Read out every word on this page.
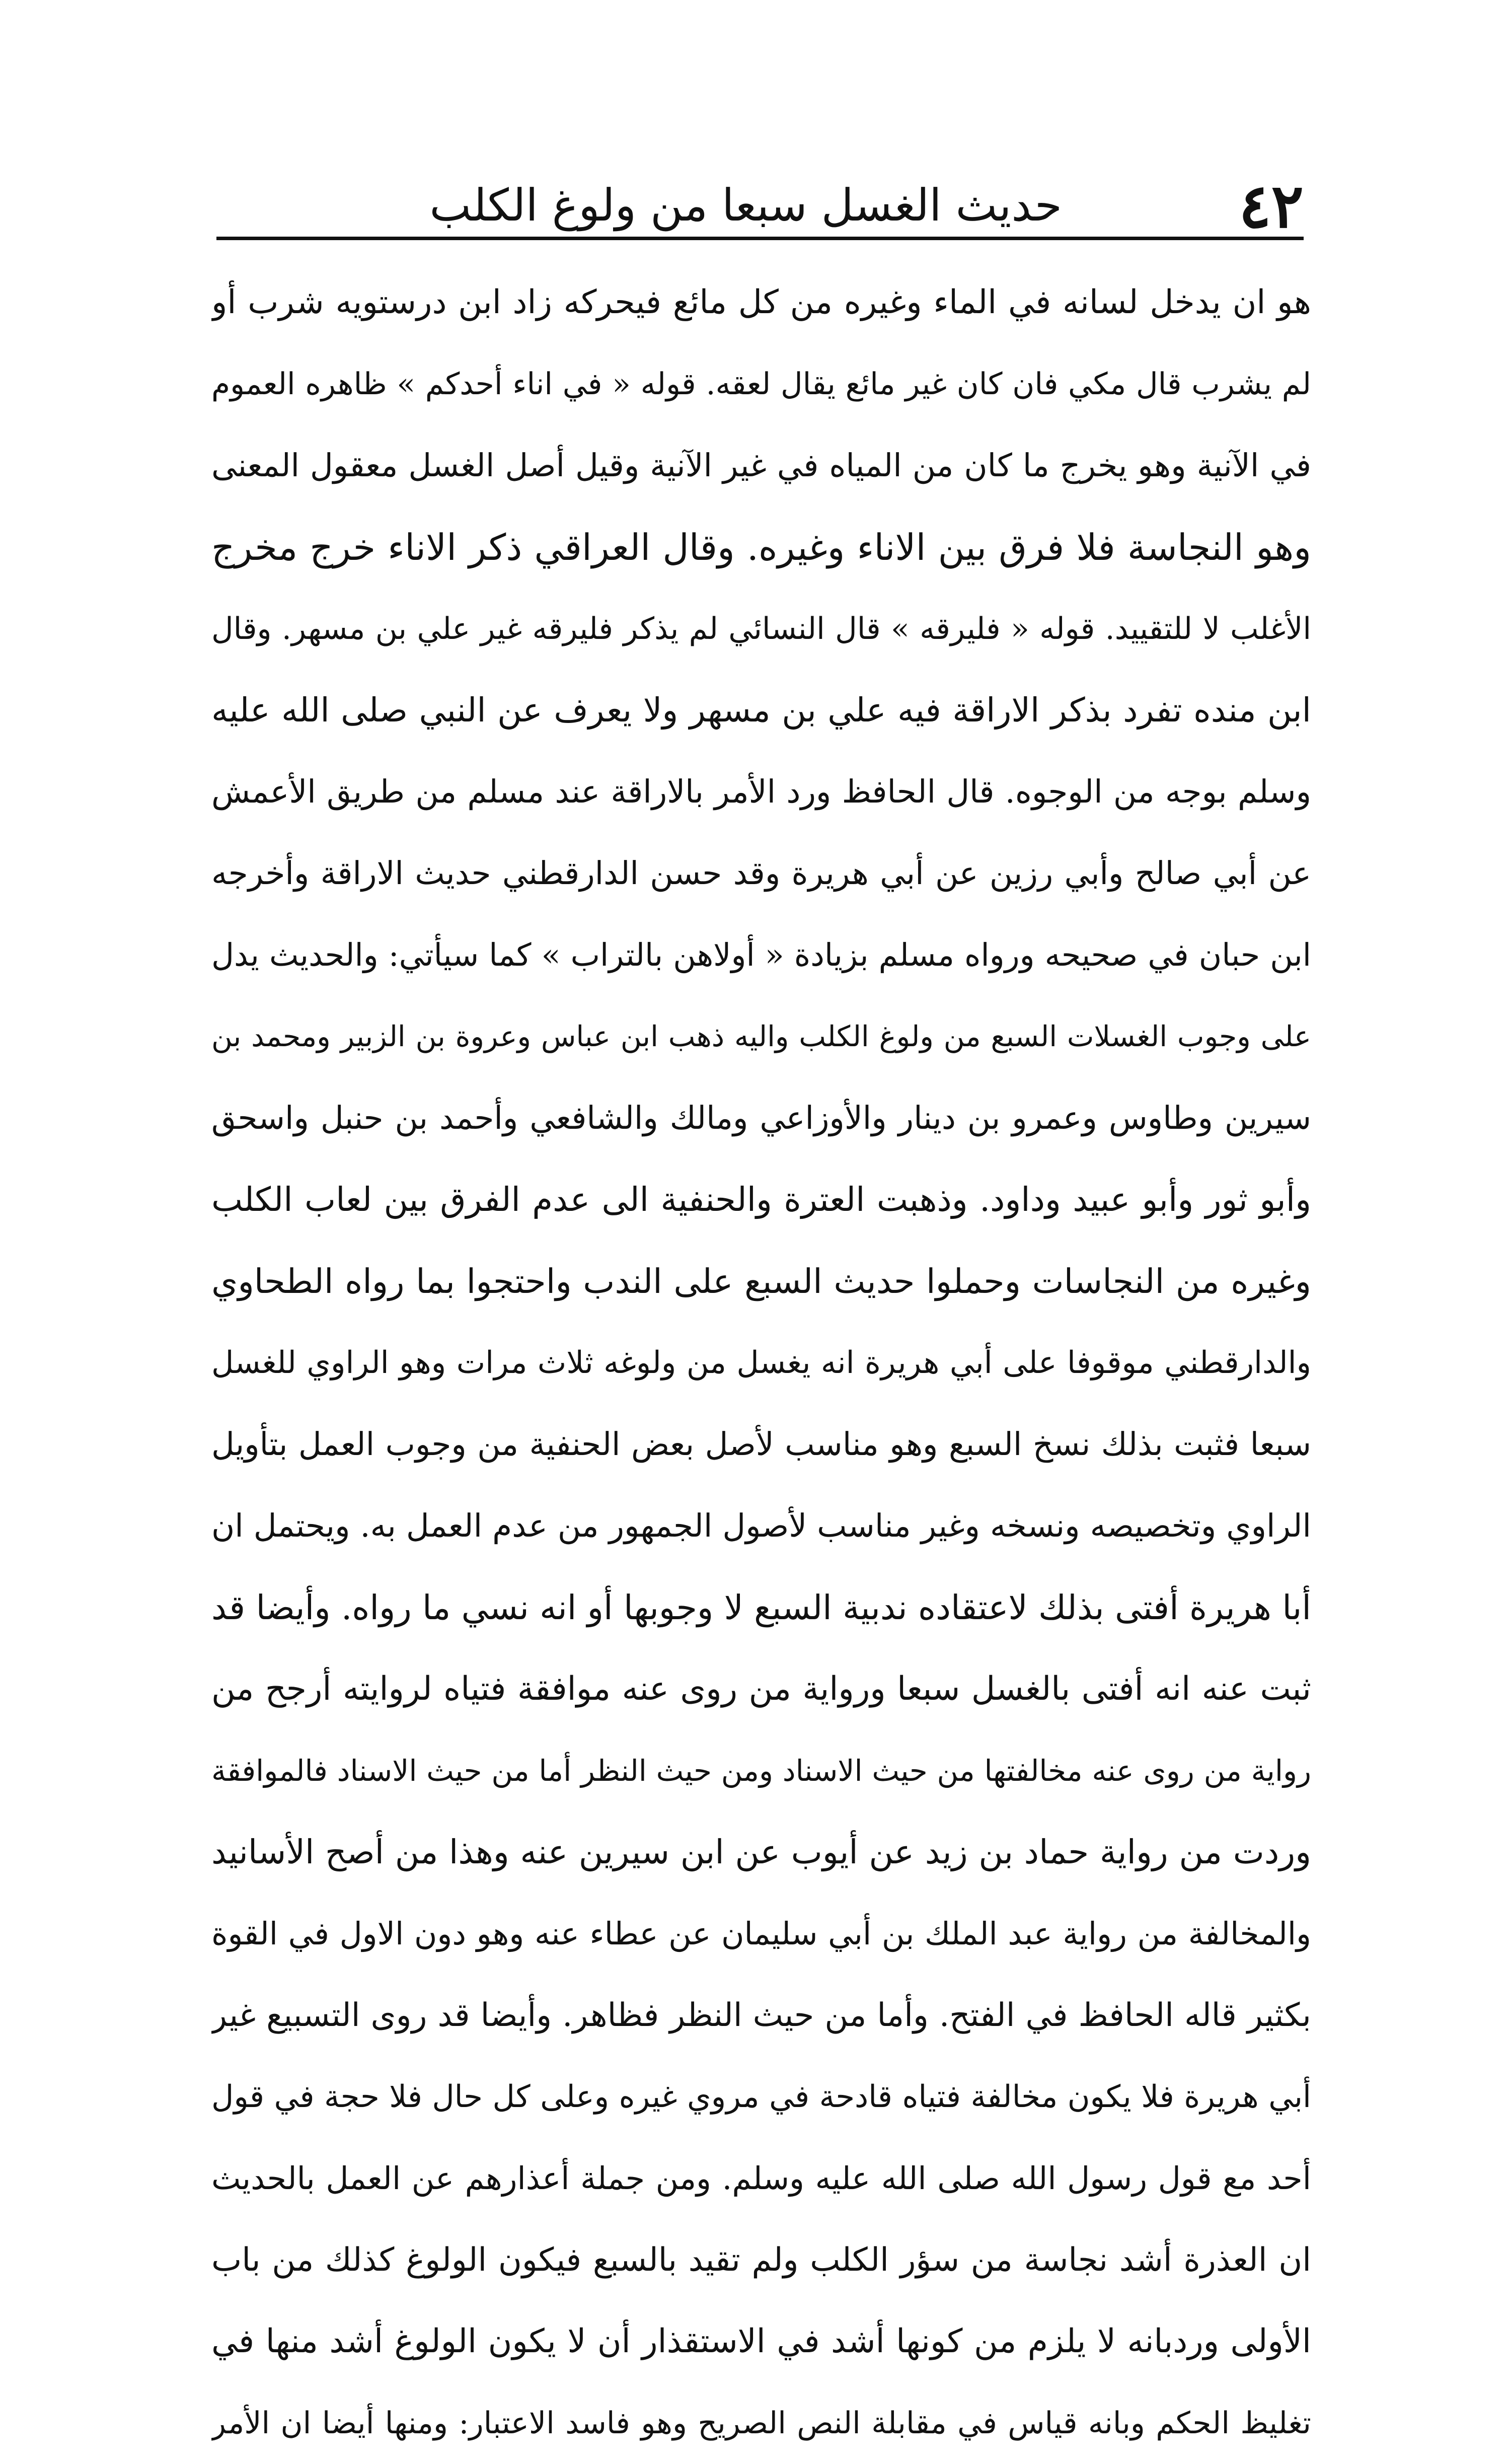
٤٢
حديث الغسل سبعا من ولوغ الكلب
هو ان يدخل لسانه في الماء وغيره من كل مائع فيحركه زاد ابن درستويه شرب أو
لم يشرب قال مكي فان كان غير مائع يقال لعقه. قوله « في اناء أحدكم » ظاهره العموم
في الآنية وهو يخرج ما كان من المياه في غير الآنية وقيل أصل الغسل معقول المعنى
وهو النجاسة فلا فرق بين الاناء وغيره. وقال العراقي ذكر الاناء خرج مخرج
الأغلب لا للتقييد. قوله « فليرقه » قال النسائي لم يذكر فليرقه غير علي بن مسهر. وقال
ابن منده تفرد بذكر الاراقة فيه علي بن مسهر ولا يعرف عن النبي صلى الله عليه
وسلم بوجه من الوجوه. قال الحافظ ورد الأمر بالاراقة عند مسلم من طريق الأعمش
عن أبي صالح وأبي رزين عن أبي هريرة وقد حسن الدارقطني حديث الاراقة وأخرجه
ابن حبان في صحيحه ورواه مسلم بزيادة « أولاهن بالتراب » كما سيأتي: والحديث يدل
على وجوب الغسلات السبع من ولوغ الكلب واليه ذهب ابن عباس وعروة بن الزبير ومحمد بن
سيرين وطاوس وعمرو بن دينار والأوزاعي ومالك والشافعي وأحمد بن حنبل واسحق
وأبو ثور وأبو عبيد وداود. وذهبت العترة والحنفية الى عدم الفرق بين لعاب الكلب
وغيره من النجاسات وحملوا حديث السبع على الندب واحتجوا بما رواه الطحاوي
والدارقطني موقوفا على أبي هريرة انه يغسل من ولوغه ثلاث مرات وهو الراوي للغسل
سبعا فثبت بذلك نسخ السبع وهو مناسب لأصل بعض الحنفية من وجوب العمل بتأويل
الراوي وتخصيصه ونسخه وغير مناسب لأصول الجمهور من عدم العمل به. ويحتمل ان
أبا هريرة أفتى بذلك لاعتقاده ندبية السبع لا وجوبها أو انه نسي ما رواه. وأيضا قد
ثبت عنه انه أفتى بالغسل سبعا ورواية من روى عنه موافقة فتياه لروايته أرجح من
رواية من روى عنه مخالفتها من حيث الاسناد ومن حيث النظر أما من حيث الاسناد فالموافقة
وردت من رواية حماد بن زيد عن أيوب عن ابن سيرين عنه وهذا من أصح الأسانيد
والمخالفة من رواية عبد الملك بن أبي سليمان عن عطاء عنه وهو دون الاول في القوة
بكثير قاله الحافظ في الفتح. وأما من حيث النظر فظاهر. وأيضا قد روى التسبيع غير
أبي هريرة فلا يكون مخالفة فتياه قادحة في مروي غيره وعلى كل حال فلا حجة في قول
أحد مع قول رسول الله صلى الله عليه وسلم. ومن جملة أعذارهم عن العمل بالحديث
ان العذرة أشد نجاسة من سؤر الكلب ولم تقيد بالسبع فيكون الولوغ كذلك من باب
الأولى وردبانه لا يلزم من كونها أشد في الاستقذار أن لا يكون الولوغ أشد منها في
تغليظ الحكم وبانه قياس في مقابلة النص الصريح وهو فاسد الاعتبار: ومنها أيضا ان الأمر
